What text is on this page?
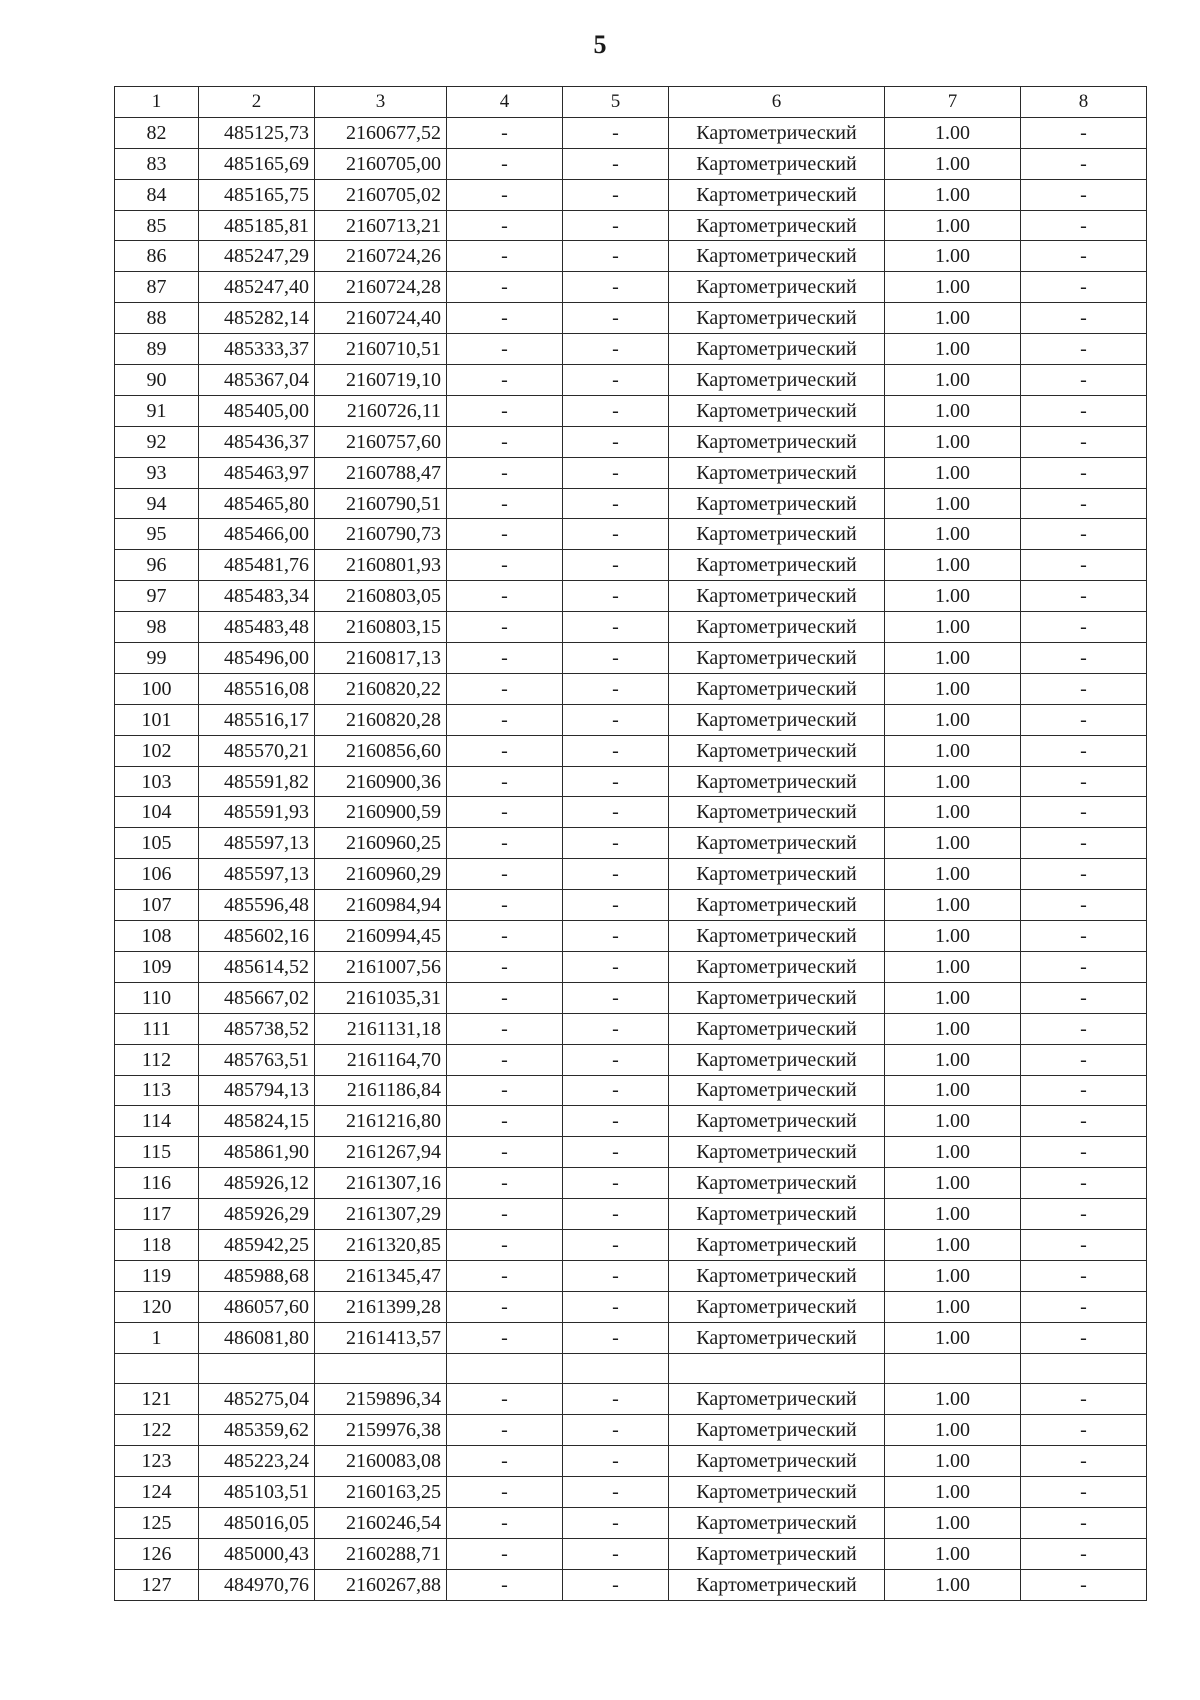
5
1	2	3	4	5	6	7	8
82	485125,73	2160677,52	-	-	Картометрический	1.00	-
83	485165,69	2160705,00	-	-	Картометрический	1.00	-
84	485165,75	2160705,02	-	-	Картометрический	1.00	-
85	485185,81	2160713,21	-	-	Картометрический	1.00	-
86	485247,29	2160724,26	-	-	Картометрический	1.00	-
87	485247,40	2160724,28	-	-	Картометрический	1.00	-
88	485282,14	2160724,40	-	-	Картометрический	1.00	-
89	485333,37	2160710,51	-	-	Картометрический	1.00	-
90	485367,04	2160719,10	-	-	Картометрический	1.00	-
91	485405,00	2160726,11	-	-	Картометрический	1.00	-
92	485436,37	2160757,60	-	-	Картометрический	1.00	-
93	485463,97	2160788,47	-	-	Картометрический	1.00	-
94	485465,80	2160790,51	-	-	Картометрический	1.00	-
95	485466,00	2160790,73	-	-	Картометрический	1.00	-
96	485481,76	2160801,93	-	-	Картометрический	1.00	-
97	485483,34	2160803,05	-	-	Картометрический	1.00	-
98	485483,48	2160803,15	-	-	Картометрический	1.00	-
99	485496,00	2160817,13	-	-	Картометрический	1.00	-
100	485516,08	2160820,22	-	-	Картометрический	1.00	-
101	485516,17	2160820,28	-	-	Картометрический	1.00	-
102	485570,21	2160856,60	-	-	Картометрический	1.00	-
103	485591,82	2160900,36	-	-	Картометрический	1.00	-
104	485591,93	2160900,59	-	-	Картометрический	1.00	-
105	485597,13	2160960,25	-	-	Картометрический	1.00	-
106	485597,13	2160960,29	-	-	Картометрический	1.00	-
107	485596,48	2160984,94	-	-	Картометрический	1.00	-
108	485602,16	2160994,45	-	-	Картометрический	1.00	-
109	485614,52	2161007,56	-	-	Картометрический	1.00	-
110	485667,02	2161035,31	-	-	Картометрический	1.00	-
111	485738,52	2161131,18	-	-	Картометрический	1.00	-
112	485763,51	2161164,70	-	-	Картометрический	1.00	-
113	485794,13	2161186,84	-	-	Картометрический	1.00	-
114	485824,15	2161216,80	-	-	Картометрический	1.00	-
115	485861,90	2161267,94	-	-	Картометрический	1.00	-
116	485926,12	2161307,16	-	-	Картометрический	1.00	-
117	485926,29	2161307,29	-	-	Картометрический	1.00	-
118	485942,25	2161320,85	-	-	Картометрический	1.00	-
119	485988,68	2161345,47	-	-	Картометрический	1.00	-
120	486057,60	2161399,28	-	-	Картометрический	1.00	-
1	486081,80	2161413,57	-	-	Картометрический	1.00	-

121	485275,04	2159896,34	-	-	Картометрический	1.00	-
122	485359,62	2159976,38	-	-	Картометрический	1.00	-
123	485223,24	2160083,08	-	-	Картометрический	1.00	-
124	485103,51	2160163,25	-	-	Картометрический	1.00	-
125	485016,05	2160246,54	-	-	Картометрический	1.00	-
126	485000,43	2160288,71	-	-	Картометрический	1.00	-
127	484970,76	2160267,88	-	-	Картометрический	1.00	-
